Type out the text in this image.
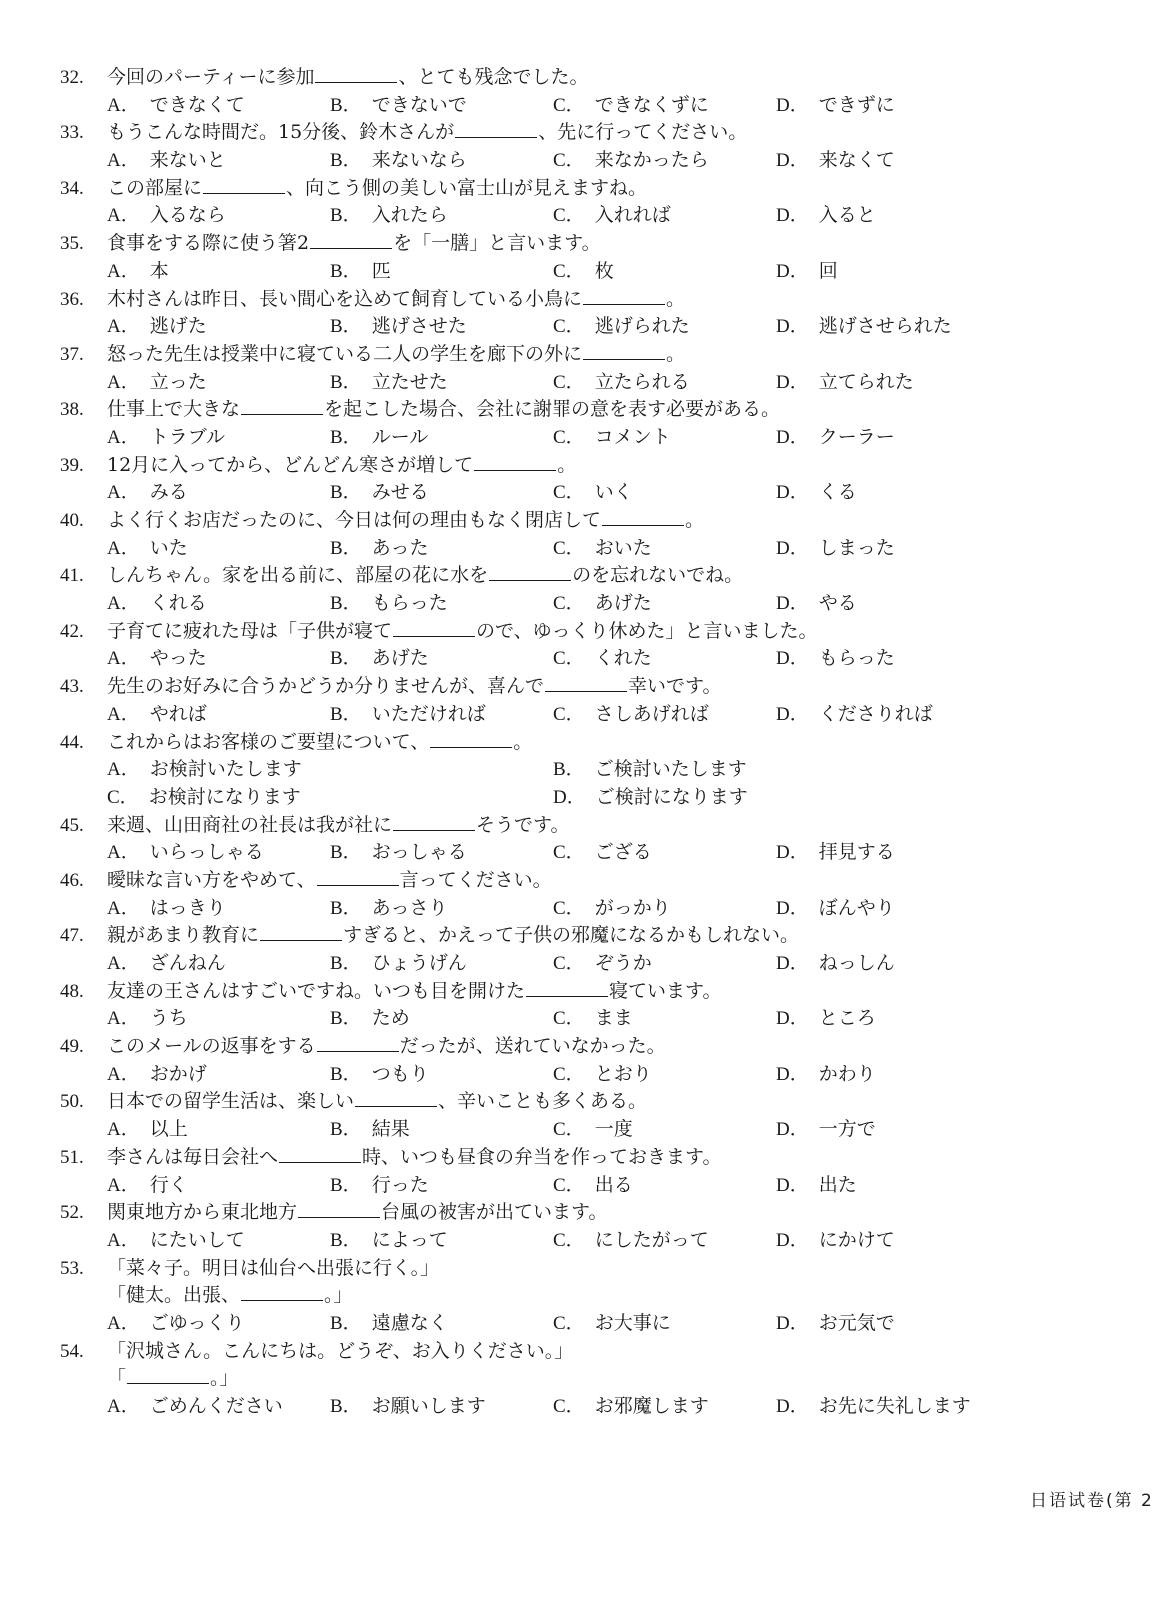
32. 今回のパーティーに参加	、とても残念でした。
A． できなくて	B． できないで	C． できなくずに	D． できずに
33. もうこんな時間だ。15分後、鈴木さんが	、先に行ってください。
A． 来ないと	B． 来ないなら	C． 来なかったら	D． 来なくて
34. この部屋に	、向こう側の美しい富士山が見えますね。
A． 入るなら	B． 入れたら	C． 入れれば	D． 入ると
35. 食事をする際に使う箸2	を「一膳」と言います。
A． 本	B． 匹	C． 枚	D． 回
36. 木村さんは昨日、長い間心を込めて飼育している小鳥に	。
A． 逃げた	B． 逃げさせた	C． 逃げられた	D． 逃げさせられた
37. 怒った先生は授業中に寝ている二人の学生を廊下の外に	。
A． 立った	B． 立たせた	C． 立たられる	D． 立てられた
38. 仕事上で大きな	を起こした場合、会社に謝罪の意を表す必要がある。
A． トラブル	B． ルール	C． コメント	D． クーラー
39. 12月に入ってから、どんどん寒さが増して	。
A． みる	B． みせる	C． いく	D． くる
40. よく行くお店だったのに、今日は何の理由もなく閉店して	。
A． いた	B． あった	C． おいた	D． しまった
41. しんちゃん。家を出る前に、部屋の花に水を	のを忘れないでね。
A． くれる	B． もらった	C． あげた	D． やる
42. 子育てに疲れた母は「子供が寝て	ので、ゆっくり休めた」と言いました。
A． やった	B． あげた	C． くれた	D． もらった
43. 先生のお好みに合うかどうか分りませんが、喜んで	幸いです。
A． やれば	B． いただければ	C． さしあげれば	D． くださりれば
44. これからはお客様のご要望について、	。
A． お検討いたします	B． ご検討いたします
C． お検討になります	D． ご検討になります
45. 来週、山田商社の社長は我が社に	そうです。
A． いらっしゃる	B． おっしゃる	C． ござる	D． 拝見する
46. 曖昧な言い方をやめて、	言ってください。
A． はっきり	B． あっさり	C． がっかり	D． ぼんやり
47. 親があまり教育に	すぎると、かえって子供の邪魔になるかもしれない。
A． ざんねん	B． ひょうげん	C． ぞうか	D． ねっしん
48. 友達の王さんはすごいですね。いつも目を開けた	寝ています。
A． うち	B． ため	C． まま	D． ところ
49. このメールの返事をする	だったが、送れていなかった。
A． おかげ	B． つもり	C． とおり	D． かわり
50. 日本での留学生活は、楽しい	、辛いことも多くある。
A． 以上	B． 結果	C． 一度	D． 一方で
51. 李さんは毎日会社へ	時、いつも昼食の弁当を作っておきます。
A． 行く	B． 行った	C． 出る	D． 出た
52. 関東地方から東北地方	台風の被害が出ています。
A． にたいして	B． によって	C． にしたがって	D． にかけて
53. 「菜々子。明日は仙台へ出張に行く。」
「健太。出張、	。」
A． ごゆっくり	B． 遠慮なく	C． お大事に	D． お元気で
54. 「沢城さん。こんにちは。どうぞ、お入りください。」
「	。」
A． ごめんください B． お願いします	C． お邪魔します	D． お先に失礼します
日语试卷(第 2
